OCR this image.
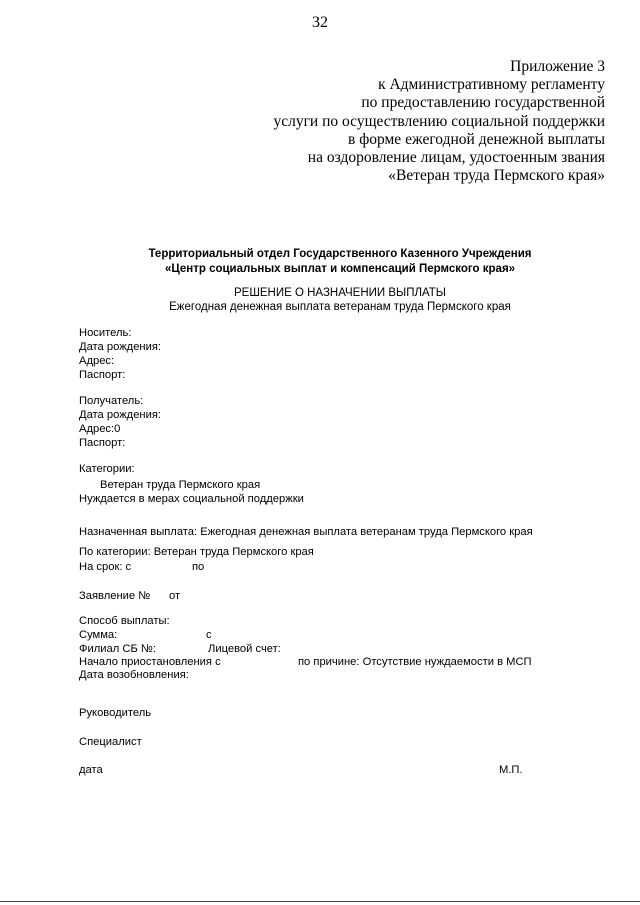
32
Приложение 3
к Административному регламенту
по предоставлению государственной
услуги по осуществлению социальной поддержки
в форме ежегодной денежной выплаты
на оздоровление лицам, удостоенным звания
«Ветеран труда Пермского края»
Территориальный отдел Государственного Казенного Учреждения
«Центр социальных выплат и компенсаций Пермского края»
РЕШЕНИЕ О НАЗНАЧЕНИИ ВЫПЛАТЫ
Ежегодная денежная выплата ветеранам труда Пермского края
Носитель:
Дата рождения:
Адрес:
Паспорт:
Получатель:
Дата рождения:
Адрес:0
Паспорт:
Категории:
Ветеран труда Пермского края
Нуждается в мерах социальной поддержки
Назначенная выплата: Ежегодная денежная выплата ветеранам труда Пермского края
По категории: Ветеран труда Пермского края
На срок: с	по
Заявление № от
Способ выплаты:
Сумма:	с
Филиал СБ №:	Лицевой счет:
Начало приостановления с	по причине: Отсутствие нуждаемости в МСП
Дата возобновления:
Руководитель
Специалист
дата	М.П.
